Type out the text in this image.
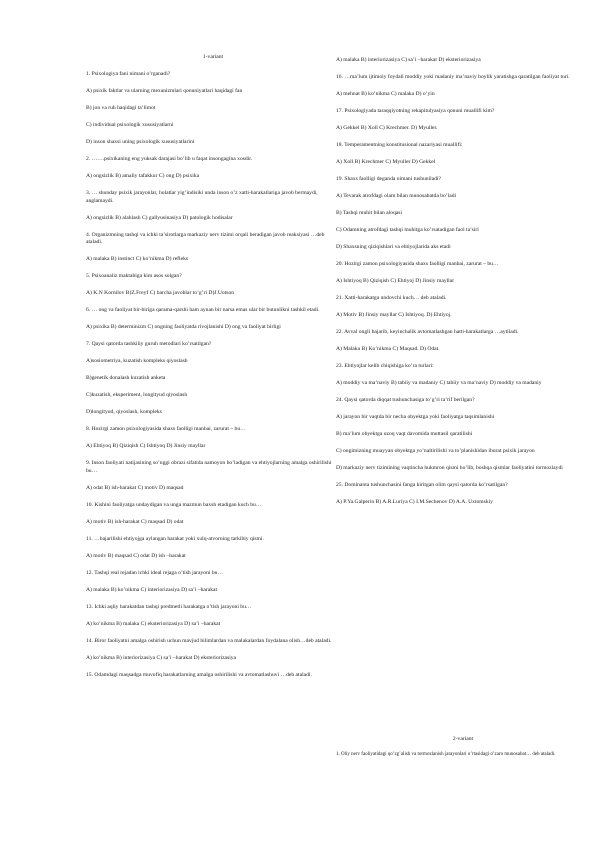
1-variant

1. Psixologiya fani nimani o’rganadi?

A) psixik faktlar va ularning mexanizmlari qonuniyatlari haqidagi fan

B) jon va ruh haqidagi ta’limot

C) individual psixologik xususiyatlarni

D) inson shaxsi uning psixologik xususiyatlarini

2. …….psixikaning eng yuksak darajasi bo’lib u faqat insongagina xosdir.

A) ongsizlik B) amaliy tafakkur C) ong D) psixika

3. … shunday psixik jarayonlar, holatlar yig’indisiki unda inson o’z xatti-harakatlariga javob bermaydi, anglamaydi.

A) ongsizlik B) alahlash C) gallyusinasiya D) patologik hodisalar

4. Organizmning tashqi va ichki ta’sirotlarga markaziy nerv tizimi orqali beradigan javob reaksiyasi …deb ataladi.

A) malaka B) instinct C) ko’nikma D) refleks

5. Psixoanaliz maktabiga kim asos solgan?

A) K.N Kornilov B)Z.Freyf C) barcha javoblar to’g’ri D)J.Uotson

6. … ong va faoliyat bir-biriga qarama-qarshi ham aynan bir narsa emas ular bir butunlikni tashkil etadi.

A) psixika B) determinizm C) ongning faoliyatda rivojlanishi D) ong va faoliyat birligi

7. Qaysi qatorda tashkiliy guruh metodlari ko’rsatilgan?

A)sosiometriya, kuzatish kompleks qiyoslash

B)genetik donalash kuzatish anketa

C)kuzatish, eksperiment, longityud qiyoslash

D)longityud, qiyoslash, kompleks

8. Hozirgi zamon psixologiyasida shaxs faolligi manbai, zarurat – bu…

A) Ehtiyoq B) Qiziqish C) Ishtiyoq D) Jinsiy mayllar

9. Inson faoliyati natijasining so’nggi obrazi sifatida namoyon bo’ladigan va ehtiyojlarning amalga oshirilishi bu…

A) odat B) ish-harakat C) motiv D) maqsad

10. Kishini faoliyatga undaydigan va unga mazmun baxsh etadigan kuch bu…

A) motiv B) ish-harakat C) maqsad D) odat

11. …bajarilishi ehtiyojga aylangan harakat yoki xulq-atvorning tarkibiy qismi.

A) motiv B) maqsad C) odat D) ish –harakat

12. Tashqi real rejadan ichki ideal rejaga o’tish jarayoni bu…

A) malaka B) ko’nikma C) interiorizasiya D) sa’i –harakat

13. Ichki aqliy harakatdan tashqi predmetli harakatga o’tish jarayoni bu…

A) ko’nikma B) malaka C) eksteriorizasiya D) sa’i –harakat

14. Biror faoliyatni amalga oshirish uchun mavjud bilimlardan va malakalardan foydalana olish…deb ataladi.

A) ko’nikma B) interiorizasiya C) sa’i –harakat D) eksteriorizasiya

15. Odamdagi maqsadga muvofiq harakatlarning amalga oshirilishi va avtomatlashuvi …deb ataladi.

A) malaka B) interiorizasiya C) sa’i –harakat D) eksteriorizasiya

16. …ma’lum ijtimoiy foydali moddiy yoki madaniy ma’naviy boylik yaratishga qaratilgan faoliyat turi.

A) mehnat B) ko’nikma C) malaka D) o’yin

17. Psixologiyada taraqqiyotning rekapitulyasiya qonuni muallifi kim?

A) Gekkel B) Xoll C) Krechmer. D) Myuller.

18. Temperamentning konstitusional nazariyasi muallifi:

A) Xoll B) Krechmer C) Myuller D) Gekkel

19. Shaxs faolligi deganda nimani tushuniladi?

A) Tevarak atrofdagi olam bilan munosabatda bo’ladi

B) Tashqi muhit bilan aloqasi

C) Odamning atrofdagi tashqi muhitga ko’rsatadigan faol ta’siri

D) Shaxsning qiziqishlari va ehtiyojlarida aks etadi

20. Hozirgi zamon psixologiyasida shaxs faolligi manbai, zarurat – bu…

A) Ishtiyoq B) Qiziqish C) Ehtiyoj D) Jinsiy mayllar

21. Xatti-harakatga undovchi kuch… deb ataladi.

A) Motiv B) Jinsiy mayllar C) Ishtiyoq. D) Ehtiyoj.

22. Avval ongli bajarib, keyinchalik avtomatlashgan hatti-harakatlarga …aytiladi.

A) Malaka B) Ko’nikma C) Maqsad. D) Odat.

23. Ehtiyojlar kelib chiqishiga ko’ra turlari:

A) moddiy va ma’naviy B) tabiiy va madaniy C) tabiiy va ma’naviy D) moddiy va madaniy

24. Qaysi qatorda diqqat tushunchasiga to’g’ri ta’rif berilgan?

A) jarayon bir vaqtda bir necha obyektga yoki faoliyatga taqsimlanishi

B) ma’lum obyektga uzoq vaqt davomida muttasil qaratilishi

C) ongimizning muayyan obyektga yo’naltirilishi va to’planishidan iborat psixik jarayon

D) markaziy nerv tizimining vaqtincha hukmron qismi ho’lib, boshqa qismlar faoliyatini tormozlaydi

25. Dominanta tushunchasini fanga kiritgan olim qaysi qatorda ko’rsatilgan?

A) P.Ya.Galperin B) A.R.Luriya C) I.M.Sechenov D) A.A. Uxtomskiy

2-variant
1. Oliy nerv faoliyatidagi qo’zg’alish va tormozlanish jarayonlari o’rtasidagi o’zaro munosabat… deb ataladi.
